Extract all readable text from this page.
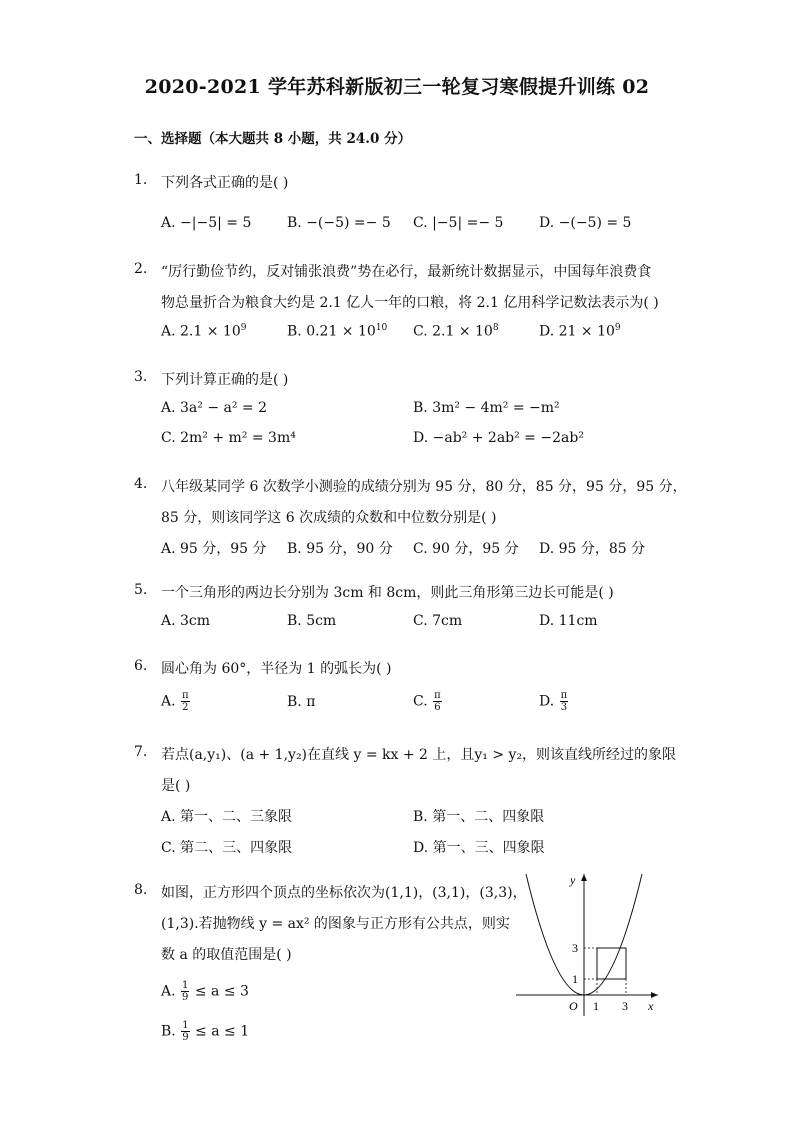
2020-2021 学年苏科新版初三一轮复习寒假提升训练 02
一、选择题（本大题共 8 小题，共 24.0 分）
1. 下列各式正确的是( )
A. −|−5| = 5	B. −(−5) =− 5 C. |−5| =− 5	D. −(−5) = 5
2. “厉行勤俭节约，反对铺张浪费”势在必行，最新统计数据显示，中国每年浪费食
物总量折合为粮食大约是 2.1 亿人一年的口粮，将 2.1 亿用科学记数法表示为( )
A. $2.1 \times 10^9$	B. $0.21 \times 10^{10}$ C. $2.1 \times 10^8$	D. $21 \times 10^9$
3. 下列计算正确的是( )
A. 3a² − a² = 2	B. 3m² − 4m² = −m²
C. 2m² + m² = 3m⁴	D. −ab² + 2ab² = −2ab²
4. 八年级某同学 6 次数学小测验的成绩分别为 95 分，80 分，85 分，95 分，95 分，
85 分，则该同学这 6 次成绩的众数和中位数分别是( )
A. 95 分，95 分 B. 95 分，90 分 C. 90 分，95 分 D. 95 分，85 分
5. 一个三角形的两边长分别为 3cm 和 8cm，则此三角形第三边长可能是( )
A. 3cm	B. 5cm	C. 7cm	D. 11cm
6. 圆心角为 60°，半径为 1 的弧长为( )
A. $\frac{\pi}{2}$	B. π	C. $\frac{\pi}{6}$	D. $\frac{\pi}{3}$
7. 若点(a,y₁)、(a + 1,y₂)在直线 y = kx + 2 上，且y₁ > y₂，则该直线所经过的象限
是( )
A. 第一、二、三象限	B. 第一、二、四象限
C. 第二、三、四象限	D. 第一、三、四象限
8. 如图，正方形四个顶点的坐标依次为(1,1)，(3,1)，(3,3)，
(1,3).若抛物线 y = ax² 的图象与正方形有公共点，则实
数 a 的取值范围是( )
A. $\frac{1}{9} \le a \le 3$
B. $\frac{1}{9} \le a \le 1$
y
x
O 1 3
1
3
